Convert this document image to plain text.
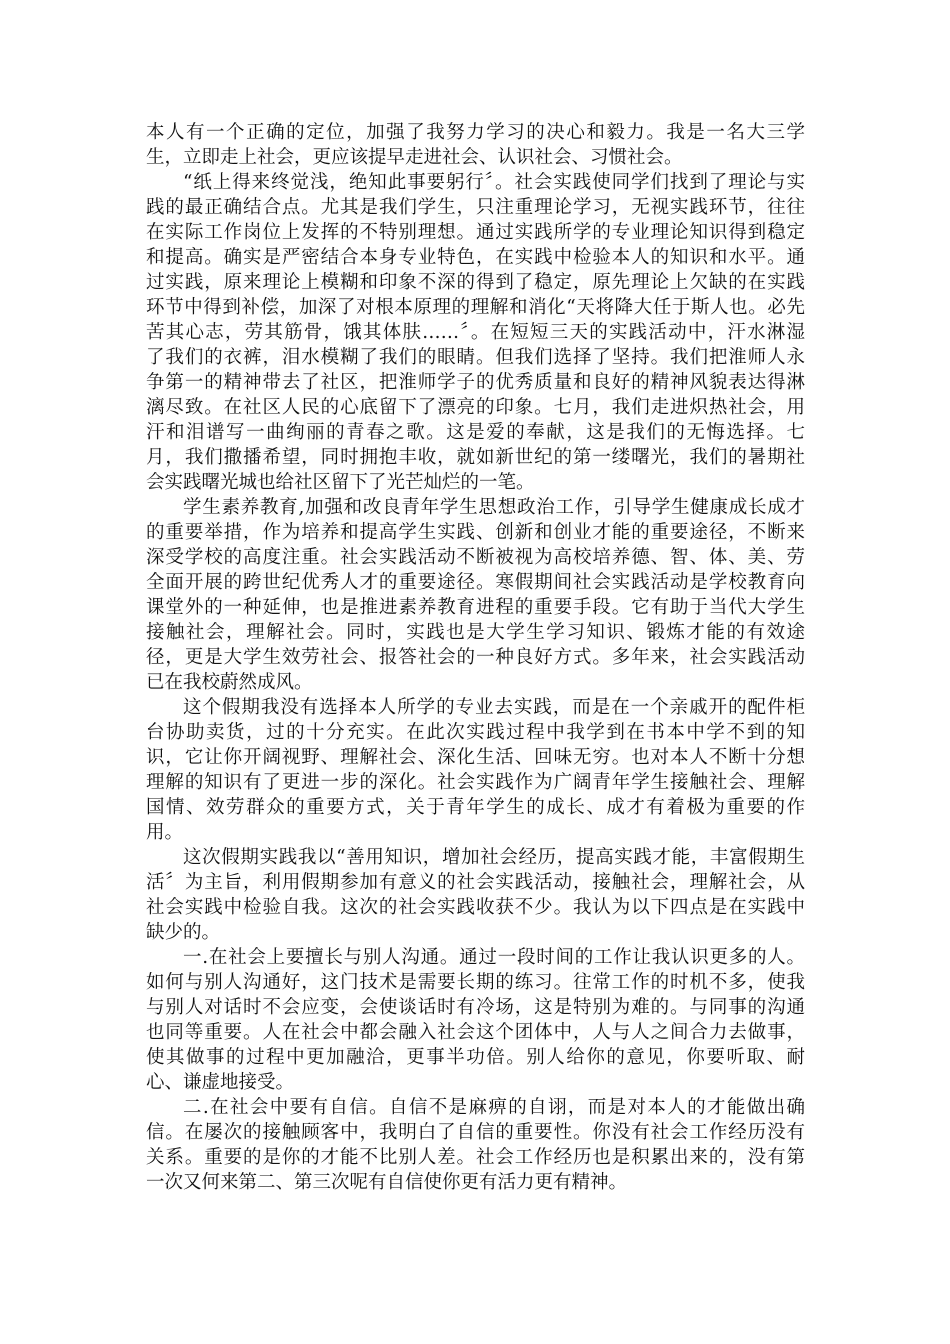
本人有一个正确的定位，加强了我努力学习的决心和毅力。我是一名大三学
生，立即走上社会，更应该提早走进社会、认识社会、习惯社会。
“纸上得来终觉浅，绝知此事要躬行〞。社会实践使同学们找到了理论与实
践的最正确结合点。尤其是我们学生，只注重理论学习，无视实践环节，往往
在实际工作岗位上发挥的不特别理想。通过实践所学的专业理论知识得到稳定
和提高。确实是严密结合本身专业特色，在实践中检验本人的知识和水平。通
过实践，原来理论上模糊和印象不深的得到了稳定，原先理论上欠缺的在实践
环节中得到补偿，加深了对根本原理的理解和消化“天将降大任于斯人也。必先
苦其心志，劳其筋骨，饿其体肤……〞。在短短三天的实践活动中，汗水淋湿
了我们的衣裤，泪水模糊了我们的眼睛。但我们选择了坚持。我们把淮师人永
争第一的精神带去了社区，把淮师学子的优秀质量和良好的精神风貌表达得淋
漓尽致。在社区人民的心底留下了漂亮的印象。七月，我们走进炽热社会，用
汗和泪谱写一曲绚丽的青春之歌。这是爱的奉献，这是我们的无悔选择。七
月，我们撒播希望，同时拥抱丰收，就如新世纪的第一缕曙光，我们的暑期社
会实践曙光城也给社区留下了光芒灿烂的一笔。
学生素养教育,加强和改良青年学生思想政治工作，引导学生健康成长成才
的重要举措，作为培养和提高学生实践、创新和创业才能的重要途径，不断来
深受学校的高度注重。社会实践活动不断被视为高校培养德、智、体、美、劳
全面开展的跨世纪优秀人才的重要途径。寒假期间社会实践活动是学校教育向
课堂外的一种延伸，也是推进素养教育进程的重要手段。它有助于当代大学生
接触社会，理解社会。同时，实践也是大学生学习知识、锻炼才能的有效途
径，更是大学生效劳社会、报答社会的一种良好方式。多年来，社会实践活动
已在我校蔚然成风。
这个假期我没有选择本人所学的专业去实践，而是在一个亲戚开的配件柜
台协助卖货，过的十分充实。在此次实践过程中我学到在书本中学不到的知
识，它让你开阔视野、理解社会、深化生活、回味无穷。也对本人不断十分想
理解的知识有了更进一步的深化。社会实践作为广阔青年学生接触社会、理解
国情、效劳群众的重要方式，关于青年学生的成长、成才有着极为重要的作
用。
这次假期实践我以“善用知识，增加社会经历，提高实践才能，丰富假期生
活〞为主旨，利用假期参加有意义的社会实践活动，接触社会，理解社会，从
社会实践中检验自我。这次的社会实践收获不少。我认为以下四点是在实践中
缺少的。
一.在社会上要擅长与别人沟通。通过一段时间的工作让我认识更多的人。
如何与别人沟通好，这门技术是需要长期的练习。往常工作的时机不多，使我
与别人对话时不会应变，会使谈话时有冷场，这是特别为难的。与同事的沟通
也同等重要。人在社会中都会融入社会这个团体中，人与人之间合力去做事，
使其做事的过程中更加融洽，更事半功倍。别人给你的意见，你要听取、耐
心、谦虚地接受。
二.在社会中要有自信。自信不是麻痹的自诩，而是对本人的才能做出确
信。在屡次的接触顾客中，我明白了自信的重要性。你没有社会工作经历没有
关系。重要的是你的才能不比别人差。社会工作经历也是积累出来的，没有第
一次又何来第二、第三次呢有自信使你更有活力更有精神。
